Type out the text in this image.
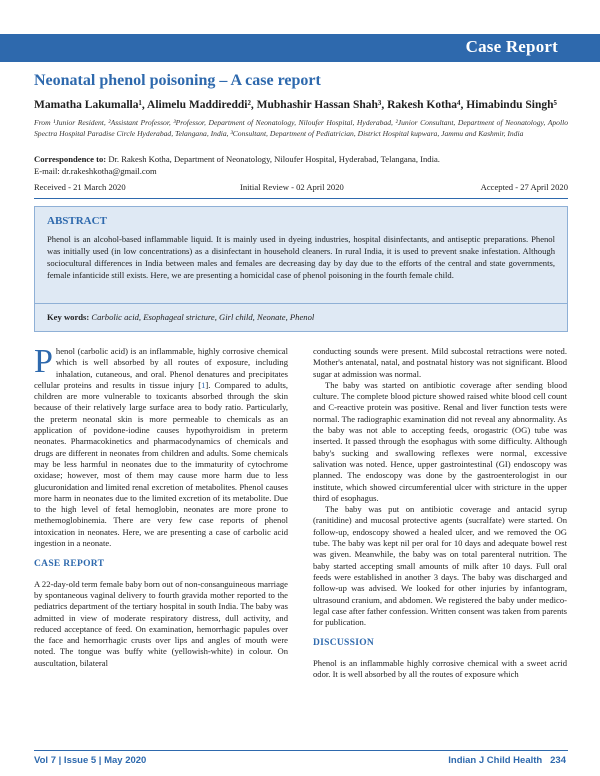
Case Report
Neonatal phenol poisoning – A case report
Mamatha Lakumalla¹, Alimelu Maddireddi², Mubhashir Hassan Shah³, Rakesh Kotha⁴, Himabindu Singh⁵
From ¹Junior Resident, ²Assistant Professor, ³Professor, Department of Neonatology, Niloufer Hospital, Hyderabad, ²Junior Consultant, Department of Neonatology, Apollo Spectra Hospital Paradise Circle Hyderabad, Telangana, India, ³Consultant, Department of Pediatrician, District Hospital kupwara, Jammu and Kashmir, India
Correspondence to: Dr. Rakesh Kotha, Department of Neonatology, Niloufer Hospital, Hyderabad, Telangana, India.
E-mail: dr.rakeshkotha@gmail.com
Received - 21 March 2020	Initial Review - 02 April 2020	Accepted - 27 April 2020
ABSTRACT
Phenol is an alcohol-based inflammable liquid. It is mainly used in dyeing industries, hospital disinfectants, and antiseptic preparations. Phenol was initially used (in low concentrations) as a disinfectant in household cleaners. In rural India, it is used to prevent snake infestation. Although sociocultural differences in India between males and females are decreasing day by day due to the efforts of the central and state governments, female infanticide still exists. Here, we are presenting a homicidal case of phenol poisoning in the fourth female child.
Key words: Carbolic acid, Esophageal stricture, Girl child, Neonate, Phenol

Phenol (carbolic acid) is an inflammable, highly corrosive chemical which is well absorbed by all routes of exposure, including inhalation, cutaneous, and oral. Phenol denatures and precipitates cellular proteins and results in tissue injury [1]. Compared to adults, children are more vulnerable to toxicants absorbed through the skin because of their relatively large surface area to body ratio. Particularly, the preterm neonatal skin is more permeable to chemicals as an application of povidone-iodine causes hypothyroidism in preterm neonates. Pharmacokinetics and pharmacodynamics of chemicals and drugs are different in neonates from children and adults. Some chemicals may be less harmful in neonates due to the immaturity of cytochrome oxidase; however, most of them may cause more harm due to less glucuronidation and limited renal excretion of metabolites. Phenol causes more harm in neonates due to the limited excretion of its metabolite. Due to the high level of fetal hemoglobin, neonates are more prone to methemoglobinemia. There are very few case reports of phenol intoxication in neonates. Here, we are presenting a case of carbolic acid ingestion in a neonate.

CASE REPORT

A 22-day-old term female baby born out of non-consanguineous marriage by spontaneous vaginal delivery to fourth gravida mother reported to the pediatrics department of the tertiary hospital in south India. The baby was admitted in view of moderate respiratory distress, dull activity, and reduced acceptance of feed. On examination, hemorrhagic papules over the face and hemorrhagic crusts over lips and angles of mouth were noted. The tongue was buffy white (yellowish-white) in colour. On auscultation, bilateral

conducting sounds were present. Mild subcostal retractions were noted. Mother's antenatal, natal, and postnatal history was not significant. Blood sugar at admission was normal.

The baby was started on antibiotic coverage after sending blood culture. The complete blood picture showed raised white blood cell count and C-reactive protein was positive. Renal and liver function tests were normal. The radiographic examination did not reveal any abnormality. As the baby was not able to accepting feeds, orogastric (OG) tube was inserted. It passed through the esophagus with some difficulty. Although baby's sucking and swallowing reflexes were normal, excessive salivation was noted. Hence, upper gastrointestinal (GI) endoscopy was planned. The endoscopy was done by the gastroenterologist in our institute, which showed circumferential ulcer with stricture in the upper third of esophagus.

The baby was put on antibiotic coverage and antacid syrup (ranitidine) and mucosal protective agents (sucralfate) were started. On follow-up, endoscopy showed a healed ulcer, and we removed the OG tube. The baby was kept nil per oral for 10 days and adequate bowel rest was given. Meanwhile, the baby was on total parenteral nutrition. The baby started accepting small amounts of milk after 10 days. Full oral feeds were established in another 3 days. The baby was discharged and follow-up was advised. We looked for other injuries by infantogram, ultrasound cranium, and abdomen. We registered the baby under medico-legal case after father confession. Written consent was taken from parents for publication.

DISCUSSION

Phenol is an inflammable highly corrosive chemical with a sweet acrid odor. It is well absorbed by all the routes of exposure which

Vol 7 | Issue 5 | May 2020	Indian J Child Health   234
